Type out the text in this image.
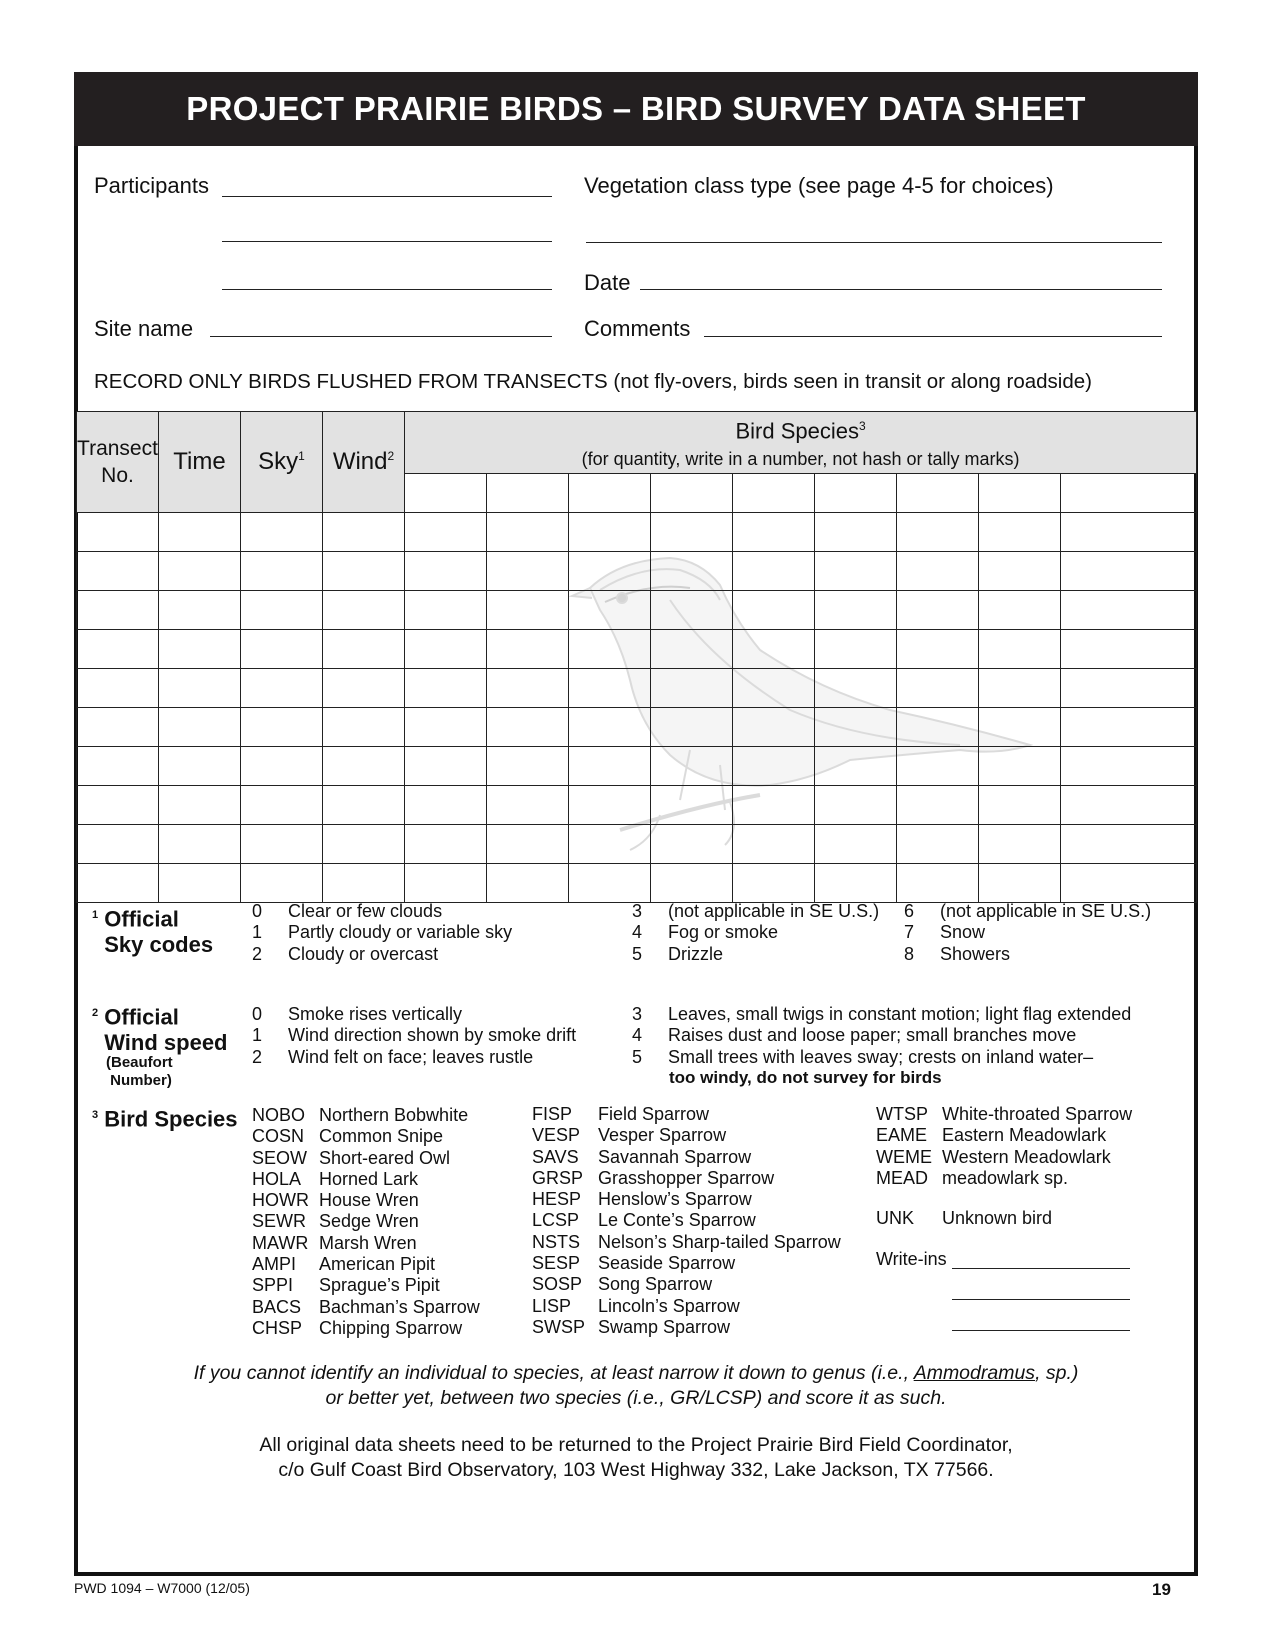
PROJECT PRAIRIE BIRDS – BIRD SURVEY DATA SHEET
Participants	Vegetation class type (see page 4-5 for choices)
Date
Site name	Comments
RECORD ONLY BIRDS FLUSHED FROM TRANSECTS (not fly-overs, birds seen in transit or along roadside)
Transect No.	Time	Sky$^1$	Wind$^2$	Bird Species$^3$
(for quantity, write in a number, not hash or tally marks)								

$^1$ Official
Sky codes
0	Clear or few clouds
1	Partly cloudy or variable sky
2	Cloudy or overcast
3	(not applicable in SE U.S.)
4	Fog or smoke
5	Drizzle
6	(not applicable in SE U.S.)
7	Snow
8	Showers
$^2$ Official
Wind speed
(Beaufort
Number)
0	Smoke rises vertically
1	Wind direction shown by smoke drift
2	Wind felt on face; leaves rustle
3	Leaves, small twigs in constant motion; light flag extended
4	Raises dust and loose paper; small branches move
5	Small trees with leaves sway; crests on inland water–
too windy, do not survey for birds
$^3$ Bird Species NOBO	Northern Bobwhite
COSN	Common Snipe
SEOW	Short-eared Owl
HOLA	Horned Lark
HOWR	House Wren
SEWR	Sedge Wren
MAWR	Marsh Wren
AMPI	American Pipit
SPPI	Sprague’s Pipit
BACS	Bachman’s Sparrow
CHSP	Chipping Sparrow
FISP	Field Sparrow
VESP	Vesper Sparrow
SAVS	Savannah Sparrow
GRSP	Grasshopper Sparrow
HESP	Henslow’s Sparrow
LCSP	Le Conte’s Sparrow
NSTS	Nelson’s Sharp-tailed Sparrow
SESP	Seaside Sparrow
SOSP	Song Sparrow
LISP	Lincoln’s Sparrow
SWSP	Swamp Sparrow
WTSP	White-throated Sparrow
EAME	Eastern Meadowlark
WEME	Western Meadowlark
MEAD	meadowlark sp.
UNK Unknown bird
Write-ins
If you cannot identify an individual to species, at least narrow it down to genus (i.e., Ammodramus, sp.)
or better yet, between two species (i.e., GR/LCSP) and score it as such.
All original data sheets need to be returned to the Project Prairie Bird Field Coordinator,
c/o Gulf Coast Bird Observatory, 103 West Highway 332, Lake Jackson, TX 77566.
PWD 1094 – W7000 (12/05)	19
